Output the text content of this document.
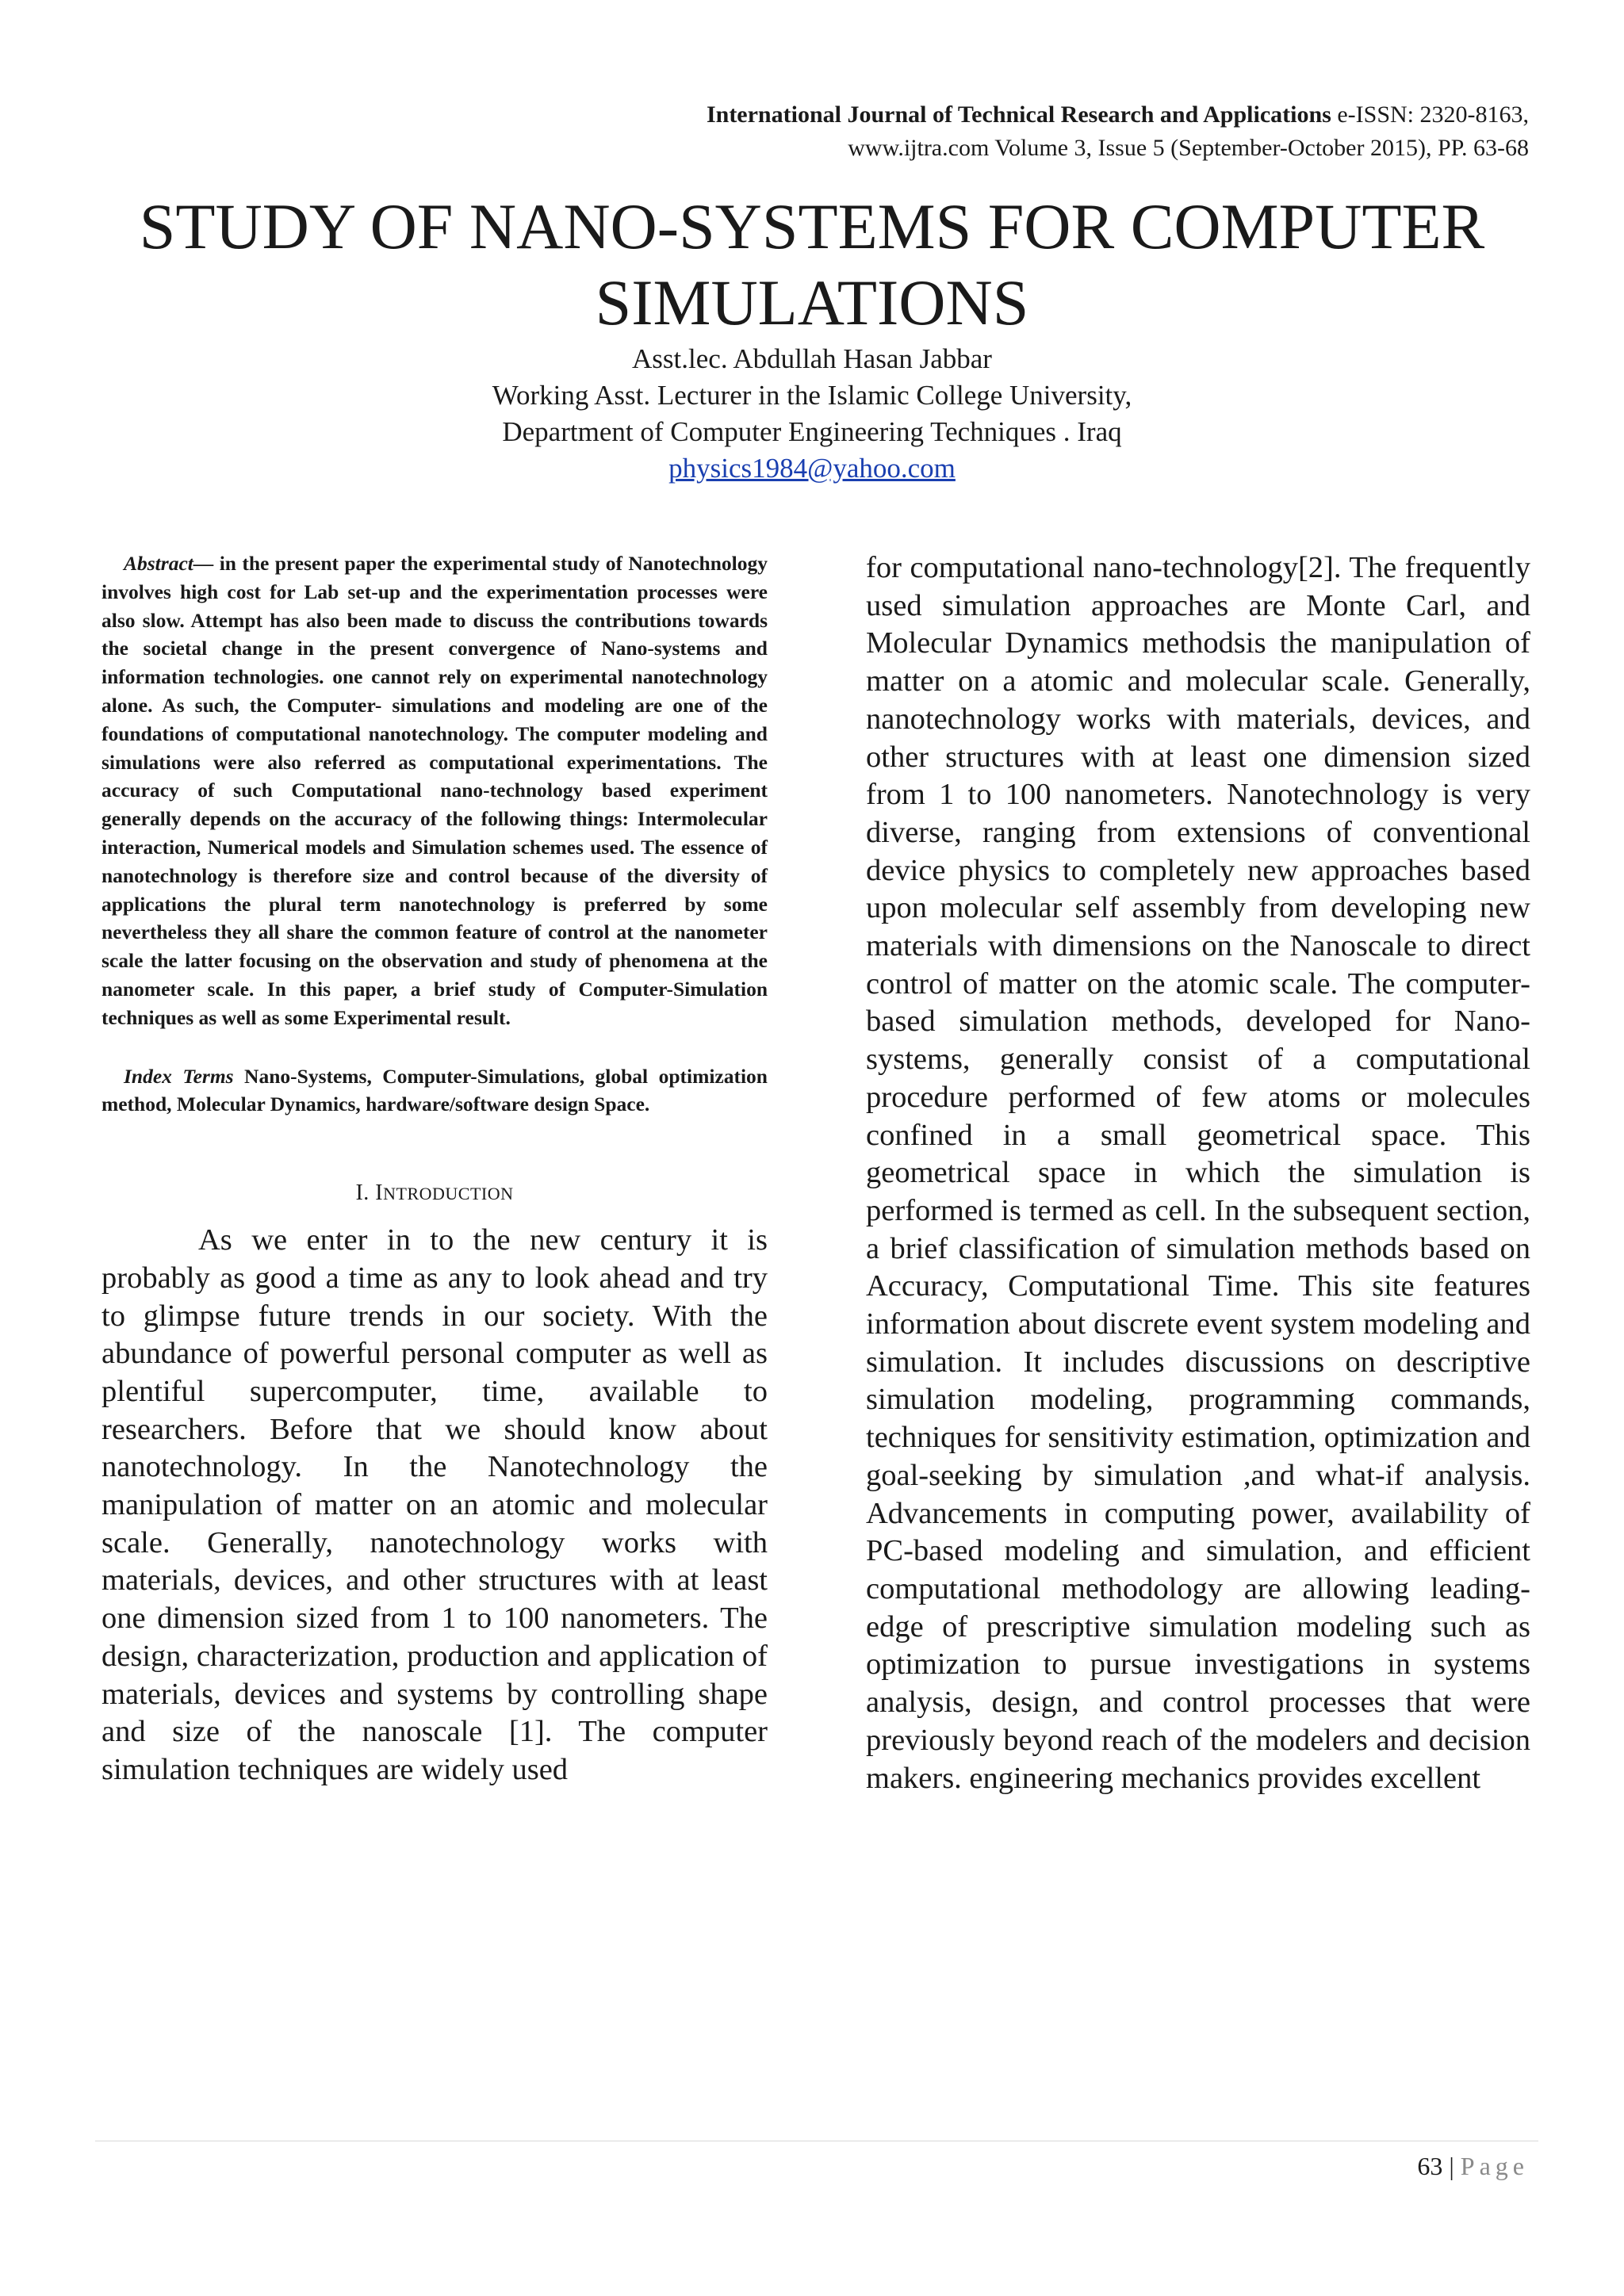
International Journal of Technical Research and Applications e-ISSN: 2320-8163,
www.ijtra.com Volume 3, Issue 5 (September-October 2015), PP. 63-68
STUDY OF NANO-SYSTEMS FOR COMPUTER
SIMULATIONS
Asst.lec. Abdullah Hasan Jabbar
Working Asst. Lecturer in the Islamic College University,
Department of Computer Engineering Techniques . Iraq
physics1984@yahoo.com

Abstract— in the present paper the experimental study of Nanotechnology involves high cost for Lab set-up and the experimentation processes were also slow. Attempt has also been made to discuss the contributions towards the societal change in the present convergence of Nano-systems and information technologies. one cannot rely on experimental nanotechnology alone. As such, the Computer- simulations and modeling are one of the foundations of computational nanotechnology. The computer modeling and simulations were also referred as computational experimentations. The accuracy of such Computational nano-technology based experiment generally depends on the accuracy of the following things: Intermolecular interaction, Numerical models and Simulation schemes used. The essence of nanotechnology is therefore size and control because of the diversity of applications the plural term nanotechnology is preferred by some nevertheless they all share the common feature of control at the nanometer scale the latter focusing on the observation and study of phenomena at the nanometer scale. In this paper, a brief study of Computer-Simulation techniques as well as some Experimental result.

Index Terms Nano-Systems, Computer-Simulations, global optimization method, Molecular Dynamics, hardware/software design Space.

I. INTRODUCTION

As we enter in to the new century it is probably as good a time as any to look ahead and try to glimpse future trends in our society. With the abundance of powerful personal computer as well as plentiful supercomputer, time, available to researchers. Before that we should know about nanotechnology. In the Nanotechnology the manipulation of matter on an atomic and molecular scale. Generally, nanotechnology works with materials, devices, and other structures with at least one dimension sized from 1 to 100 nanometers. The design, characterization, production and application of materials, devices and systems by controlling shape and size of the nanoscale [1]. The computer simulation techniques are widely used

for computational nano-technology[2]. The frequently used simulation approaches are Monte Carl, and Molecular Dynamics methodsis the manipulation of matter on a atomic and molecular scale. Generally, nanotechnology works with materials, devices, and other structures with at least one dimension sized from 1 to 100 nanometers. Nanotechnology is very diverse, ranging from extensions of conventional device physics to completely new approaches based upon molecular self assembly from developing new materials with dimensions on the Nanoscale to direct control of matter on the atomic scale. The computer- based simulation methods, developed for Nano-systems, generally consist of a computational procedure performed of few atoms or molecules confined in a small geometrical space. This geometrical space in which the simulation is performed is termed as cell. In the subsequent section, a brief classification of simulation methods based on Accuracy, Computational Time. This site features information about discrete event system modeling and simulation. It includes discussions on descriptive simulation modeling, programming commands, techniques for sensitivity estimation, optimization and goal-seeking by simulation ,and what-if analysis. Advancements in computing power, availability of PC-based modeling and simulation, and efficient computational methodology are allowing leading-edge of prescriptive simulation modeling such as optimization to pursue investigations in systems analysis, design, and control processes that were previously beyond reach of the modelers and decision makers. engineering mechanics provides excellent

63 | Page
